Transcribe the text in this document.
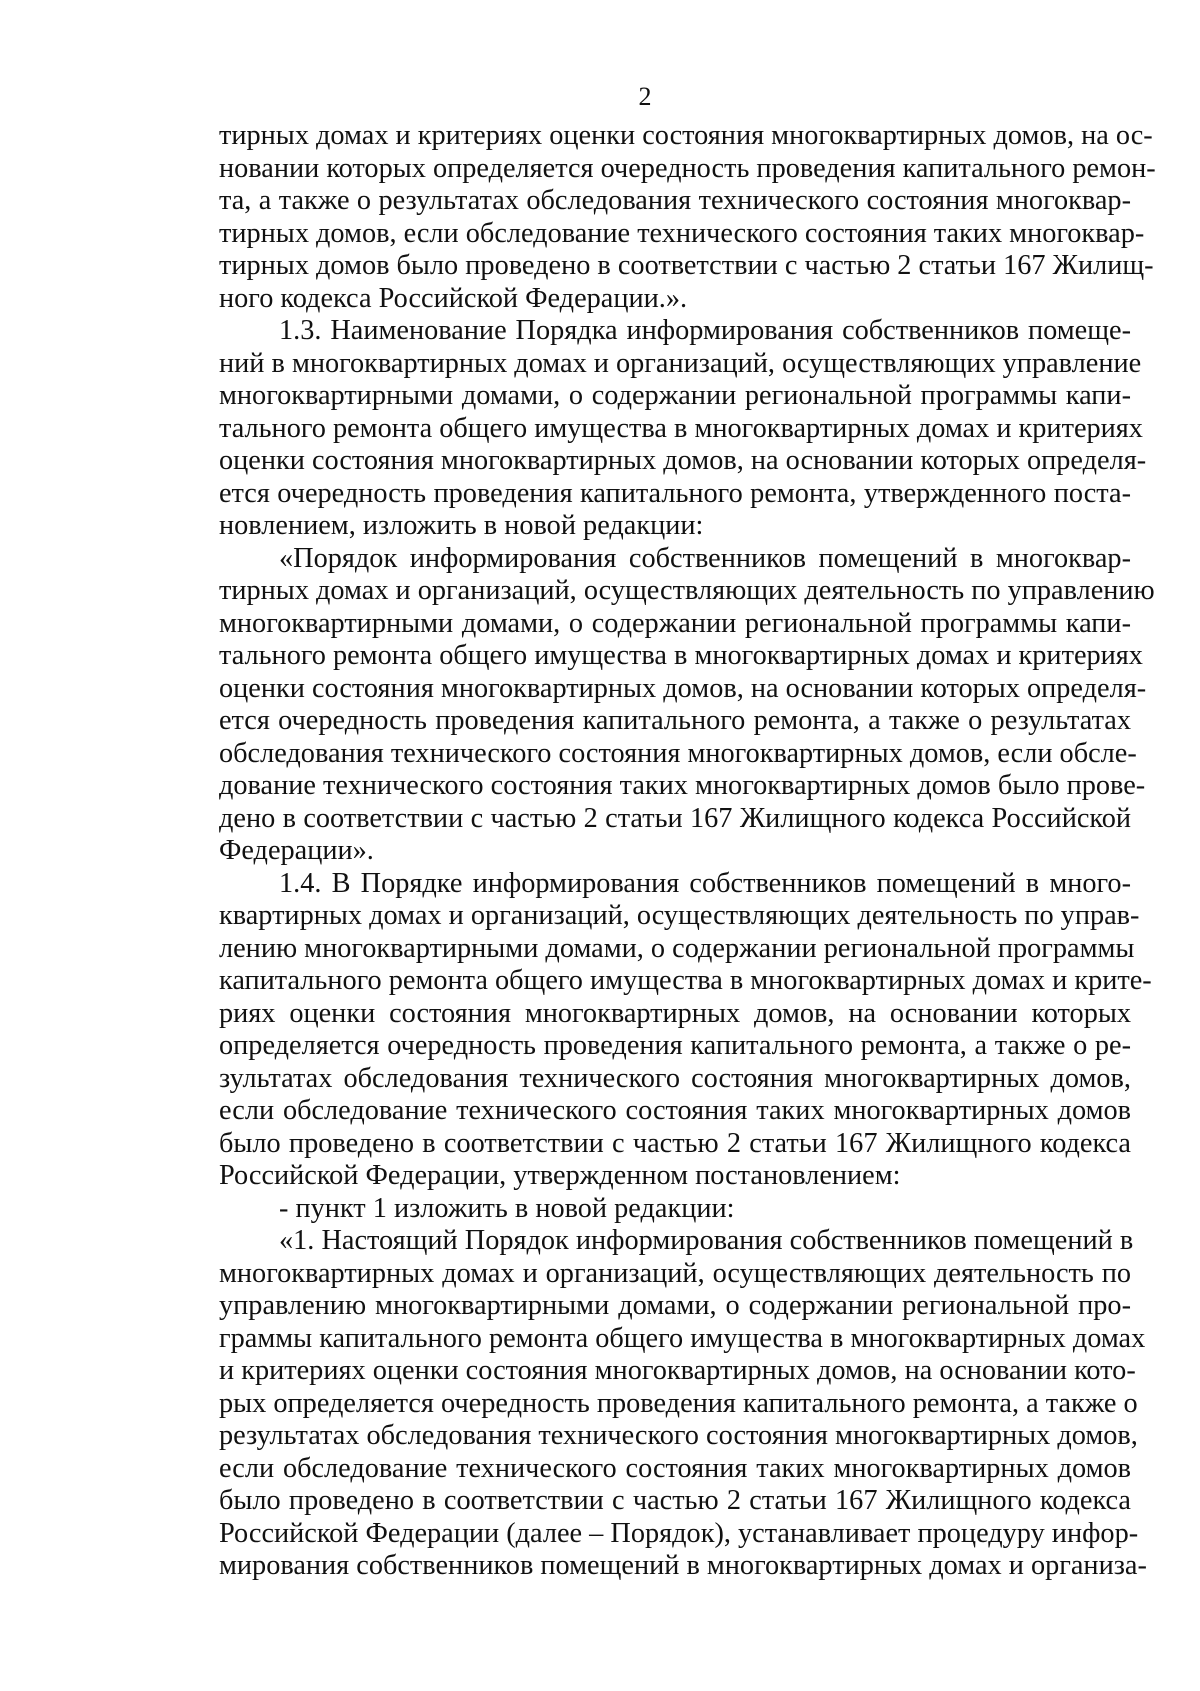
2
тирных домах и критериях оценки состояния многоквартирных домов, на ос-
новании которых определяется очередность проведения капитального ремон-
та, а также о результатах обследования технического состояния многоквар-
тирных домов, если обследование технического состояния таких многоквар-
тирных домов было проведено в соответствии с частью 2 статьи 167 Жилищ-
ного кодекса Российской Федерации.».
1.3. Наименование Порядка информирования собственников помеще-
ний в многоквартирных домах и организаций, осуществляющих управление
многоквартирными домами, о содержании региональной программы капи-
тального ремонта общего имущества в многоквартирных домах и критериях
оценки состояния многоквартирных домов, на основании которых определя-
ется очередность проведения капитального ремонта, утвержденного поста-
новлением, изложить в новой редакции:
«Порядок информирования собственников помещений в многоквар-
тирных домах и организаций, осуществляющих деятельность по управлению
многоквартирными домами, о содержании региональной программы капи-
тального ремонта общего имущества в многоквартирных домах и критериях
оценки состояния многоквартирных домов, на основании которых определя-
ется очередность проведения капитального ремонта, а также о результатах
обследования технического состояния многоквартирных домов, если обсле-
дование технического состояния таких многоквартирных домов было прове-
дено в соответствии с частью 2 статьи 167 Жилищного кодекса Российской
Федерации».
1.4. В Порядке информирования собственников помещений в много-
квартирных домах и организаций, осуществляющих деятельность по управ-
лению многоквартирными домами, о содержании региональной программы
капитального ремонта общего имущества в многоквартирных домах и крите-
риях оценки состояния многоквартирных домов, на основании которых
определяется очередность проведения капитального ремонта, а также о ре-
зультатах обследования технического состояния многоквартирных домов,
если обследование технического состояния таких многоквартирных домов
было проведено в соответствии с частью 2 статьи 167 Жилищного кодекса
Российской Федерации, утвержденном постановлением:
- пункт 1 изложить в новой редакции:
«1. Настоящий Порядок информирования собственников помещений в
многоквартирных домах и организаций, осуществляющих деятельность по
управлению многоквартирными домами, о содержании региональной про-
граммы капитального ремонта общего имущества в многоквартирных домах
и критериях оценки состояния многоквартирных домов, на основании кото-
рых определяется очередность проведения капитального ремонта, а также о
результатах обследования технического состояния многоквартирных домов,
если обследование технического состояния таких многоквартирных домов
было проведено в соответствии с частью 2 статьи 167 Жилищного кодекса
Российской Федерации (далее – Порядок), устанавливает процедуру инфор-
мирования собственников помещений в многоквартирных домах и организа-
